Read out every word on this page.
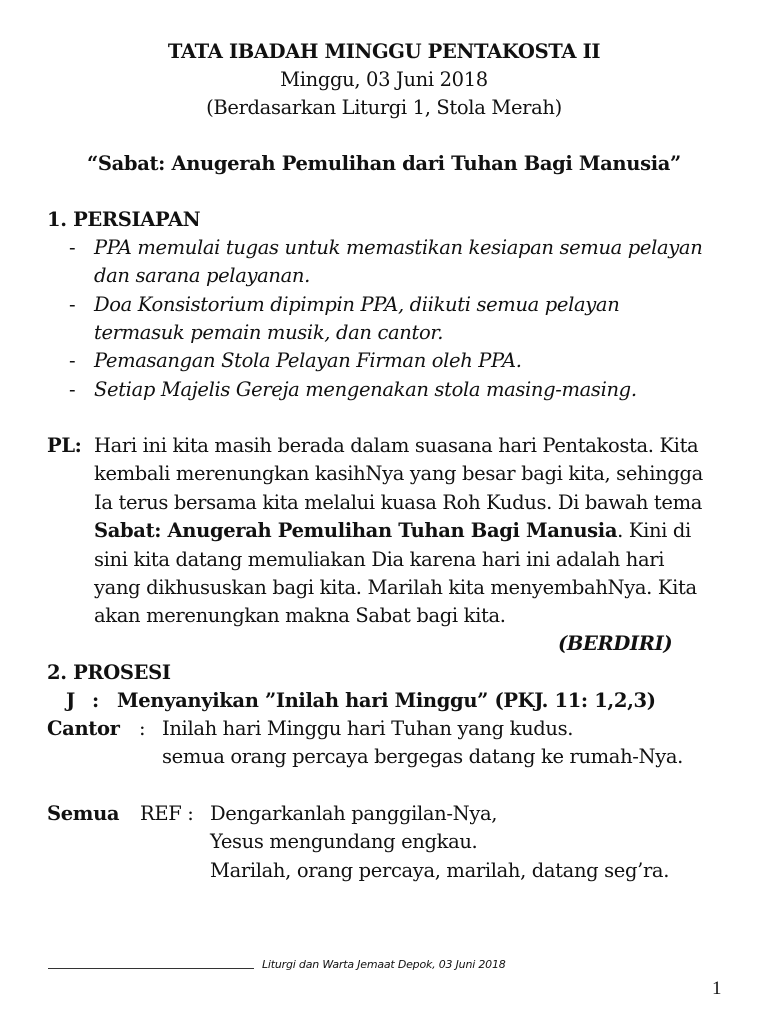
TATA IBADAH MINGGU PENTAKOSTA II
Minggu, 03 Juni 2018
(Berdasarkan Liturgi 1, Stola Merah)
“Sabat: Anugerah Pemulihan dari Tuhan Bagi Manusia”
1. PERSIAPAN
- PPA memulai tugas untuk memastikan kesiapan semua pelayan
dan sarana pelayanan.
- Doa Konsistorium dipimpin PPA, diikuti semua pelayan
termasuk pemain musik, dan cantor.
- Pemasangan Stola Pelayan Firman oleh PPA.
- Setiap Majelis Gereja mengenakan stola masing-masing.
PL: Hari ini kita masih berada dalam suasana hari Pentakosta. Kita
kembali merenungkan kasihNya yang besar bagi kita, sehingga
Ia terus bersama kita melalui kuasa Roh Kudus. Di bawah tema
Sabat: Anugerah Pemulihan Tuhan Bagi Manusia. Kini di
sini kita datang memuliakan Dia karena hari ini adalah hari
yang dikhususkan bagi kita. Marilah kita menyembahNya. Kita
akan merenungkan makna Sabat bagi kita.
(BERDIRI)
2. PROSESI
J : Menyanyikan ”Inilah hari Minggu” (PKJ. 11: 1,2,3)
Cantor : Inilah hari Minggu hari Tuhan yang kudus.
semua orang percaya bergegas datang ke rumah-Nya.
Semua REF : Dengarkanlah panggilan-Nya,
Yesus mengundang engkau.
Marilah, orang percaya, marilah, datang seg’ra.
Liturgi dan Warta Jemaat Depok, 03 Juni 2018
1
